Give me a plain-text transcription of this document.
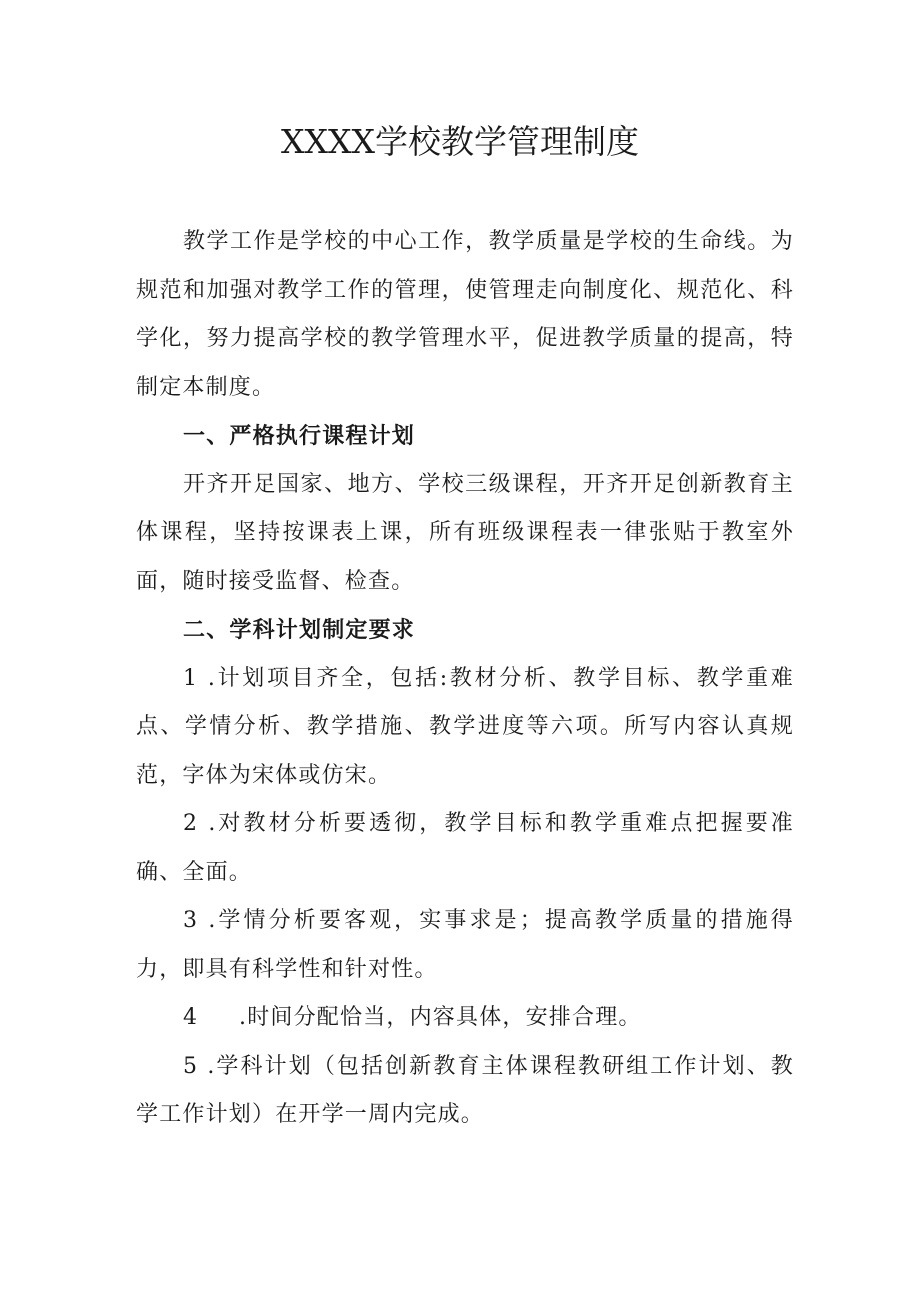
XXXX学校教学管理制度

教学工作是学校的中心工作，教学质量是学校的生命线。为规范和加强对教学工作的管理，使管理走向制度化、规范化、科学化，努力提高学校的教学管理水平，促进教学质量的提高，特制定本制度。

一、严格执行课程计划

开齐开足国家、地方、学校三级课程，开齐开足创新教育主体课程，坚持按课表上课，所有班级课程表一律张贴于教室外面，随时接受监督、检查。

二、学科计划制定要求

1 .计划项目齐全，包括:教材分析、教学目标、教学重难点、学情分析、教学措施、教学进度等六项。所写内容认真规范，字体为宋体或仿宋。

2 .对教材分析要透彻，教学目标和教学重难点把握要准确、全面。

3 .学情分析要客观，实事求是；提高教学质量的措施得力，即具有科学性和针对性。

4 .时间分配恰当，内容具体，安排合理。

5 .学科计划（包括创新教育主体课程教研组工作计划、教学工作计划）在开学一周内完成。
